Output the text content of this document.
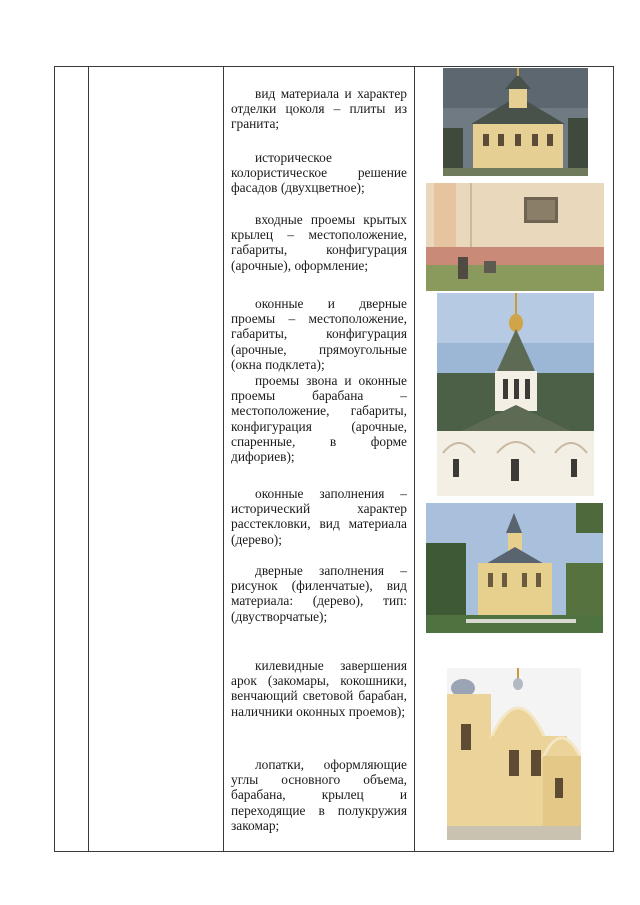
вид материала и характер отделки цоколя – плиты из гранита;

историческое колористическое решение фасадов (двухцветное);

входные проемы крытых крылец – местоположение, габариты, конфигурация (арочные), оформление;

оконные и дверные проемы – местоположение, габариты, конфигурация (арочные, прямоугольные (окна подклета);

проемы звона и оконные проемы барабана – местоположение, габариты, конфигурация (арочные, спаренные, в форме дифориев);

оконные заполнения – исторический характер расстекловки, вид материала (дерево);

дверные заполнения – рисунок (филенчатые), вид материала: (дерево), тип: (двустворчатые);

килевидные завершения арок (закомары, кокошники, венчающий световой барабан, наличники оконных проемов);

лопатки, оформляющие углы основного объема, барабана, крылец и переходящие в полукружия закомар;
